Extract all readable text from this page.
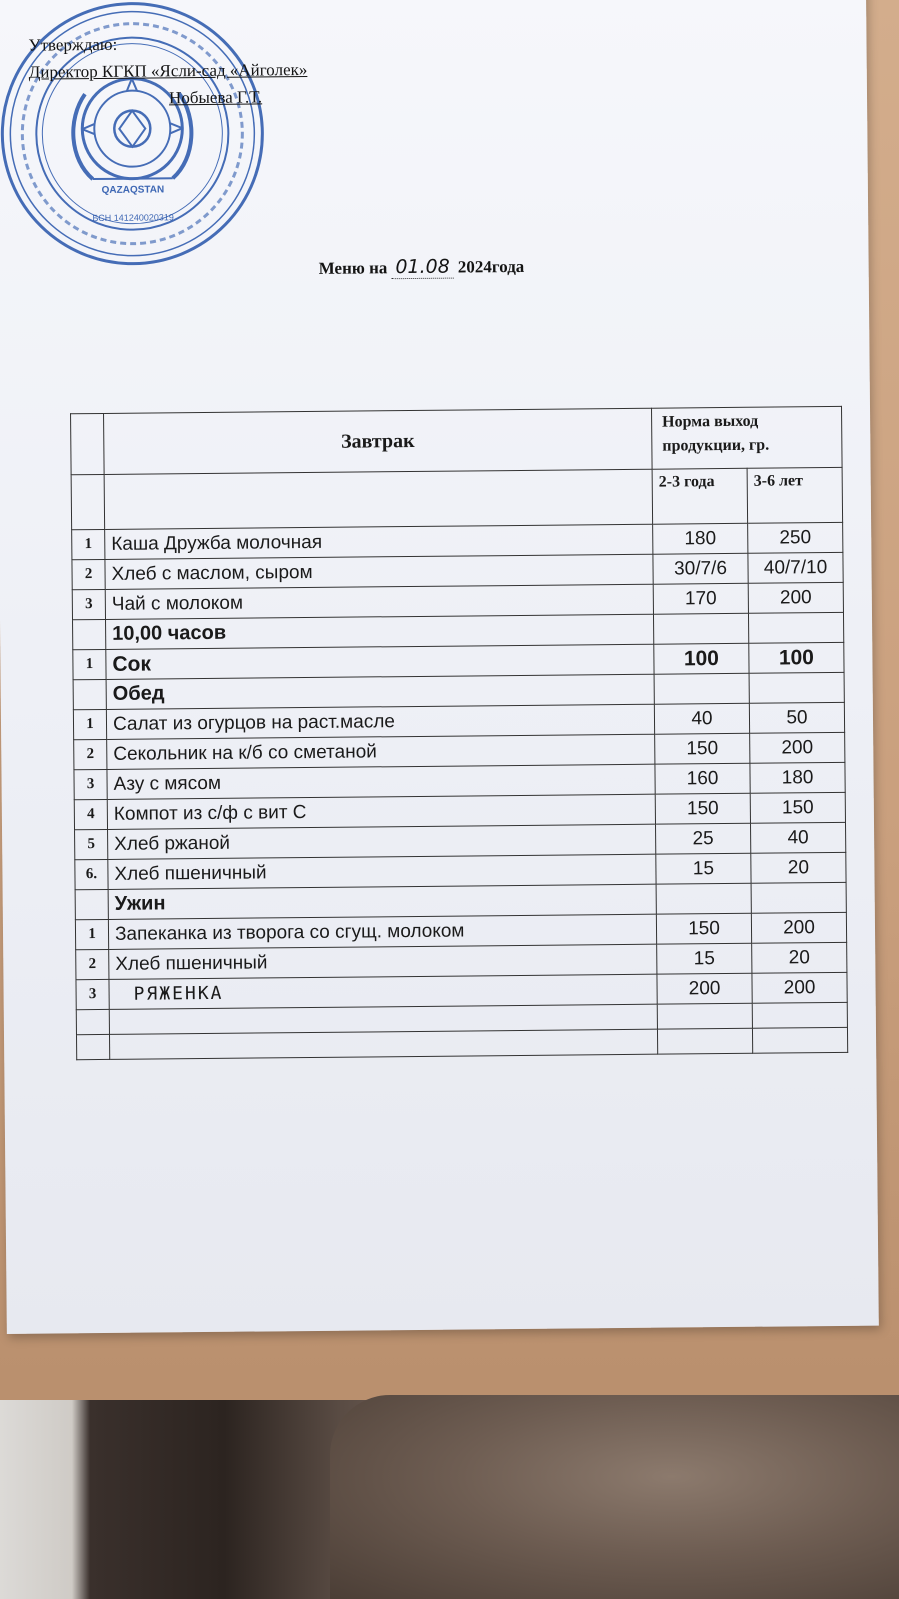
QAZAQSTAN
БСН 141240020319
Утверждаю:
Директор КГКП «Ясли-сад «Айголек»
Нобыева Г.Т.
Меню на 01.08 2024года
	Завтрак	Норма выход продукции, гр.	
		2-3 года	3-6 лет
1	Каша Дружба молочная	180	250
2	Хлеб с маслом, сыром	30/7/6	40/7/10
3	Чай с молоком	170	200
	10,00 часов		
1	Сок	100	100
	Обед		
1	Салат из огурцов на раст.масле	40	50
2	Секольник на к/б со сметаной	150	200
3	Азу с мясом	160	180
4	Компот из с/ф с вит С	150	150
5	Хлеб ржаной	25	40
6.	Хлеб пшеничный	15	20
	Ужин		
1	Запеканка из творога со сгущ. молоком	150	200
2	Хлеб пшеничный	15	20
3	РЯЖЕНКА	200	200
